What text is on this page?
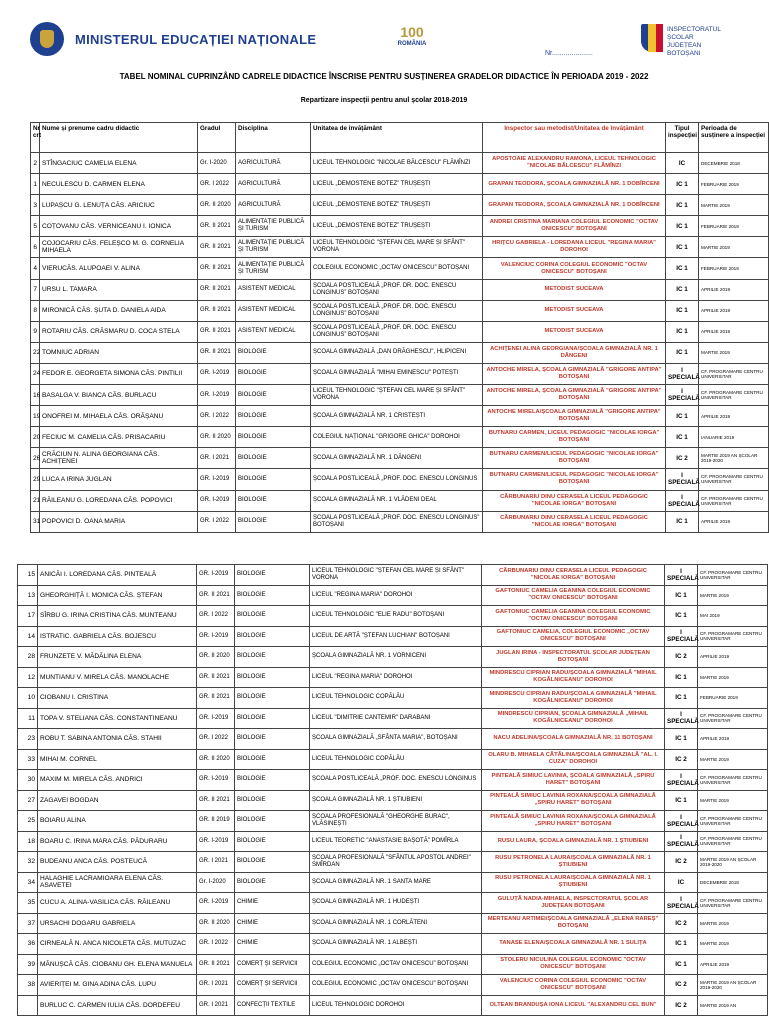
MINISTERUL EDUCAȚIEI NAȚIONALE	100
ROMÂNIA
Nr.....................
INSPECTORATUL
ȘCOLAR
JUDEȚEAN
BOTOȘANI
TABEL NOMINAL CUPRINZÂND CADRELE DIDACTICE ÎNSCRISE PENTRU SUSȚINEREA GRADELOR DIDACTICE ÎN PERIOADA 2019 - 2022
Repartizare inspecții pentru anul școlar 2018-2019
Nr crt	Nume și prenume cadru didactic	Gradul	Disciplina	Unitatea de învățământ	Inspector sau metodist/Unitatea de învățământ	Tipul inspecției	Perioada de susținere a inspecției
2	STÎNGACIUC CAMELIA ELENA	Gr. I-2020	AGRICULTURĂ	LICEUL TEHNOLOGIC "NICOLAE BĂLCESCU" FLĂMÎNZI	APOSTOAIE ALEXANDRU RAMONA, LICEUL TEHNOLOGIC "NICOLAE BĂLCESCU" FLĂMÎNZI	IC	DECEMBRIE 2018
1	NECULESCU D. CARMEN ELENA	GR. I 2022	AGRICULTURĂ	LICEUL „DEMOSTENE BOTEZ” TRUȘEȘTI	GRAPAN TEODORA, ȘCOALA GIMNAZIALĂ NR. 1 DOBÎRCENI	IC 1	FEBRUARIE 2019
3	LUPAȘCU G. LENUȚA CĂS. ARICIUC	GR. II 2020	AGRICULTURĂ	LICEUL „DEMOSTENE BOTEZ” TRUȘEȘTI	GRAPAN TEODORA, ȘCOALA GIMNAZIALĂ NR. 1 DOBÎRCENI	IC 1	MARTIE 2019
5	COȚOVANU CĂS. VERNICEANU I. IONICA	GR. II 2021	ALIMENTAȚIE PUBLICĂ ȘI TURISM	LICEUL „DEMOSTENE BOTEZ” TRUȘEȘTI	ANDREI CRISTINA MARIANA COLEGIUL ECONOMIC "OCTAV ONICESCU" BOTOȘANI	IC 1	FEBRUARIE 2019
6	COJOCARIU CĂS. FELEȘCO M. G. CORNELIA MIHAELA	GR. II 2021	ALIMENTAȚIE PUBLICĂ ȘI TURISM	LICEUL TEHNOLOGIC "ȘTEFAN CEL MARE ȘI SFÂNT" VORONA	HRIȚCU GABRIELA - LOREDANA LICEUL "REGINA MARIA" DOROHOI	IC 1	MARTIE 2019
4	VIERUCĂS. ALUPOAEI V. ALINA	GR. II 2021	ALIMENTAȚIE PUBLICĂ ȘI TURISM	COLEGIUL ECONOMIC „OCTAV ONICESCU” BOTOȘANI	VALENCIUC CORINA COLEGIUL ECONOMIC "OCTAV ONICESCU" BOTOȘANI	IC 1	FEBRUARIE 2019
7	URSU L. TAMARA	GR. II 2021	ASISTENT MEDICAL	ȘCOALA POSTLICEALĂ „PROF. DR. DOC. ENESCU LONGINUS” BOTOȘANI	METODIST SUCEAVA	IC 1	APRILIE 2019
8	MIRONICĂ CĂS. ȘUTA D. DANIELA AIDA	GR. II 2021	ASISTENT MEDICAL	ȘCOALA POSTLICEALĂ „PROF. DR. DOC. ENESCU LONGINUS” BOTOȘANI	METODIST SUCEAVA	IC 1	APRILIE 2019
9	ROTARIU CĂS. CRĂSMARU D. COCA STELA	GR. II 2021	ASISTENT MEDICAL	ȘCOALA POSTLICEALĂ „PROF. DR. DOC. ENESCU LONGINUS” BOTOȘANI	METODIST SUCEAVA	IC 1	APRILIE 2019
22	TOMNIUC ADRIAN	GR. II 2021	BIOLOGIE	ȘCOALA GIMNAZIALĂ „DAN DRĂGHESCU", HLIPICENI	ACHIȚENEI ALINA GEORGIANA/ȘCOALA GIMNAZIALĂ NR. 1 DĂNGENI	IC 1	MARTIE 2019
24	FEDOR E. GEORGETA SIMONA CĂS. PINTILII	GR. I-2019	BIOLOGIE	ȘCOALA GIMNAZIALĂ "MIHAI EMINESCU" POTEȘTI	ANTOCHE MIRELA, ȘCOALA GIMNAZIALĂ "GRIGORE ANTIPA" BOTOȘANI	I SPECIALĂ	CF. PROGRAMARE CENTRU UNIVERSITAR
16	BASALGA V. BIANCA CĂS. BURLACU	GR. I-2019	BIOLOGIE	LICEUL TEHNOLOGIC "ȘTEFAN CEL MARE ȘI SFÂNT" VORONA	ANTOCHE MIRELA, ȘCOALA GIMNAZIALĂ "GRIGORE ANTIPA" BOTOȘANI	I SPECIALĂ	CF. PROGRAMARE CENTRU UNIVERSITAR
19	ONOFREI M. MIHAELA CĂS. ORĂȘANU	GR. I 2022	BIOLOGIE	ȘCOALA GIMNAZIALĂ NR. 1 CRISTEȘTI	ANTOCHE MIRELA/ȘCOALA GIMNAZIALĂ "GRIGORE ANTIPA" BOTOȘANI	IC 1	APRILIE 2019
20	FECIUC M. CAMELIA CĂS. PRISACARIU	GR. II 2020	BIOLOGIE	COLEGIUL NAȚIONAL "GRIGORE GHICA" DOROHOI	BUTNARU CARMEN, LICEUL PEDAGOGIC "NICOLAE IORGA" BOTOȘANI	IC 1	IANUARIE 2019
26	CRĂCIUN N. ALINA GEORGIANA CĂS. ACHIȚENEI	GR. I 2021	BIOLOGIE	ȘCOALA GIMNAZIALĂ NR. 1 DĂNGENI	BUTNARU CARMEN/LICEUL PEDAGOGIC "NICOLAE IORGA" BOTOȘANI	IC 2	MARTIE 2019 AN ȘCOLAR 2019-2020
29	LUCA A IRINA JUGLAN	GR. I-2019	BIOLOGIE	ȘCOALA POSTLICEALĂ „PROF. DOC. ENESCU LONGINUS	BUTNARU CARMEN/LICEUL PEDAGOGIC "NICOLAE IORGA" BOTOȘANI	I SPECIALĂ	CF. PROGRAMARE CENTRU UNIVERSITAR
21	RĂILEANU G. LOREDANA CĂS. POPOVICI	GR. I-2019	BIOLOGIE	ȘCOALA GIMNAZIALĂ NR. 1 VLĂDENI DEAL	CĂRBUNARIU DINU CERASELA LICEUL PEDAGOGIC "NICOLAE IORGA" BOTOȘANI	I SPECIALĂ	CF. PROGRAMARE CENTRU UNIVERSITAR
31	POPOVICI D. OANA MARIA	GR. I 2022	BIOLOGIE	ȘCOALA POSTLICEALĂ „PROF. DOC. ENESCU LONGINUS” BOTOȘANI	CĂRBUNARIU DINU CERASELA LICEUL PEDAGOGIC "NICOLAE IORGA" BOTOȘANI	IC 1	APRILIE 2019
15	ANICĂI I. LOREDANA CĂS. PINTEALĂ	GR. I-2019	BIOLOGIE	LICEUL TEHNOLOGIC "ȘTEFAN CEL MARE ȘI SFÂNT" VORONA	CĂRBUNARIU DINU CERASELA LICEUL PEDAGOGIC "NICOLAE IORGA" BOTOȘANI	I SPECIALĂ	CF. PROGRAMARE CENTRU UNIVERSITAR
13	GHEORGHIȚĂ I. MONICA CĂS. ȘTEFAN	GR. II 2021	BIOLOGIE	LICEUL "REGINA MARIA" DOROHOI	GAFTONIUC CAMELIA GEANINA COLEGIUL ECONOMIC "OCTAV ONICESCU" BOTOȘANI	IC 1	MARTIE 2019
17	SÎRBU G. IRINA CRISTINA CĂS. MUNTEANU	GR. I 2022	BIOLOGIE	LICEUL TEHNOLOGIC "ELIE RADU" BOTOȘANI	GAFTONIUC CAMELIA GEANINA COLEGIUL ECONOMIC "OCTAV ONICESCU" BOTOȘANI	IC 1	MAI 2019
14	ISTRATIC. GABRIELA CĂS. BOJESCU	GR. I-2019	BIOLOGIE	LICEUL DE ARTĂ "ȘTEFAN LUCHIAN" BOTOȘANI	GAFTONIUC CAMELIA, COLEGIUL ECONOMIC „OCTAV ONICESCU" BOTOȘANI	I SPECIALĂ	CF. PROGRAMARE CENTRU UNIVERSITAR
28	FRUNZETE V. MĂDĂLINA ELENA	GR. II 2020	BIOLOGIE	ȘCOALA GIMNAZIALĂ NR. 1 VORNICENI	JUGLAN IRINA - INSPECTORATUL ȘCOLAR JUDEȚEAN BOTOȘANI	IC 2	APRILIE 2019
12	MUNTIANU V. MIRELA CĂS. MANOLACHE	GR. II 2021	BIOLOGIE	LICEUL "REGINA MARIA" DOROHOI	MINDRESCU CIPRIAN RADU/ȘCOALA GIMNAZIALĂ "MIHAIL KOGĂLNICEANU" DOROHOI	IC 1	MARTIE 2019
10	CIOBANU I. CRISTINA	GR. II 2021	BIOLOGIE	LICEUL TEHNOLOGIC COPĂLĂU	MINDRESCU CIPRIAN RADU/ȘCOALA GIMNAZIALĂ "MIHAIL KOGĂLNICEANU" DOROHOI	IC 1	FEBRUARIE 2019
11	TOPA V. STELIANA CĂS. CONSTANTINEANU	GR. I-2019	BIOLOGIE	LICEUL "DIMITRIE CANTEMIR" DARABANI	MINDRESCU CIPRIAN, ȘCOALA GIMNAZIALĂ „MIHAIL KOGĂLNICEANU" DOROHOI	I SPECIALĂ	CF. PROGRAMARE CENTRU UNIVERSITAR
23	ROBU T. SABINA ANTONIA CĂS. STAHII	GR. I 2022	BIOLOGIE	ȘCOALA GIMNAZIALĂ „SFÂNTA MARIA", BOTOȘANI	NACU ADELINA/ȘCOALA GIMNAZIALĂ NR. 11 BOTOȘANI	IC 1	APRILIE 2019
33	MIHAI M. CORNEL	GR. II 2020	BIOLOGIE	LICEUL TEHNOLOGIC COPĂLĂU	OLARU B. MIHAELA CĂTĂLINA/ȘCOALA GIMNAZIALĂ "AL. I. CUZA" DOROHOI	IC 2	MARTIE 2019
30	MAXIM M. MIRELA CĂS. ANDRICI	GR. I-2019	BIOLOGIE	ȘCOALA POSTLICEALĂ „PROF. DOC. ENESCU LONGINUS	PINTEALĂ SIMIUC LAVINIA, ȘCOALA GIMNAZIALĂ „SPIRU HARET" BOTOȘANI	I SPECIALĂ	CF. PROGRAMARE CENTRU UNIVERSITAR
27	ZAGAVEI BOGDAN	GR. II 2021	BIOLOGIE	ȘCOALA GIMNAZIALĂ NR. 1 ȘTIUBIENI	PINTEALĂ SIMIUC LAVINIA ROXANA/ȘCOALA GIMNAZIALĂ „SPIRU HARET" BOTOȘANI	IC 1	MARTIE 2019
25	BOIARU ALINA	GR. II 2019	BIOLOGIE	ȘCOALA PROFESIONALĂ "GHEORGHE BURAC", VLĂSINEȘTI	PINTEALĂ SIMIUC LAVINIA ROXANA/ȘCOALA GIMNAZIALĂ „SPIRU HARET" BOTOȘANI	I SPECIALĂ	CF. PROGRAMARE CENTRU UNIVERSITAR
18	BOARU C. IRINA MARA CĂS. PĂDURARU	GR. I-2019	BIOLOGIE	LICEUL TEORETIC "ANASTASIE BAȘOTĂ" POMÎRLA	RUSU LAURA, ȘCOALA GIMNAZIALĂ NR. 1 ȘTIUBIENI	I SPECIALĂ	CF. PROGRAMARE CENTRU UNIVERSITAR
32	BUDEANU ANCA CĂS. POSTEUCĂ	GR. I 2021	BIOLOGIE	ȘCOALA PROFESIONALĂ "SFÂNTUL APOSTOL ANDREI" SMÎRDAN	RUSU PETRONELA LAURA/ȘCOALA GIMNAZIALĂ NR. 1 ȘTIUBIENI	IC 2	MARTIE 2019 AN ȘCOLAR 2019-2020
34	HALAGHIE LACRAMIOARA ELENA CĂS. ASAVETEI	Gr. I-2020	BIOLOGIE	ȘCOALA GIMNAZIALĂ NR. 1 SANTA MARE	RUSU PETRONELA LAURA/ȘCOALA GIMNAZIALĂ NR. 1 ȘTIUBIENI	IC	DECEMBRIE 2018
35	CUCU A. ALINA-VASILICA CĂS. RĂILEANU	GR. I-2019	CHIMIE	ȘCOALA GIMNAZIALĂ NR. 1 HUDEȘTI	GULUȚĂ NADIA-MIHAELA, INSPECTORATUL ȘCOLAR JUDEȚEAN BOTOȘANI	I SPECIALĂ	CF. PROGRAMARE CENTRU UNIVERSITAR
37	URSACHI DOGARU GABRIELA	GR. II 2020	CHIMIE	ȘCOALA GIMNAZIALĂ NR. 1 CORLĂTENI	MERTEANU ARTIMEI/ȘCOALA GIMNAZIALĂ „ELENA RAREȘ" BOTOȘANI	IC 2	MARTIE 2019
36	CIRNEALĂ N. ANCA NICOLETA CĂS. MUTUZAC	GR. I 2022	CHIMIE	ȘCOALA GIMNAZIALĂ NR. 1 ALBEȘTI	TANASE ELENA/ȘCOALA GIMNAZIALĂ NR. 1 SULIȚA	IC 1	MARTIE 2019
39	MĂNUȘCĂ CĂS. CIOBANU GH. ELENA MANUELA	GR. II 2021	COMERȚ ȘI SERVICII	COLEGIUL ECONOMIC „OCTAV ONICESCU” BOTOȘANI	STOLERU NICULINA COLEGIUL ECONOMIC "OCTAV ONICESCU" BOTOȘANI	IC 1	APRILIE 2019
38	AVIERIȚEI M. GINA ADINA CĂS. LUPU	GR. I 2021	COMERȚ ȘI SERVICII	COLEGIUL ECONOMIC „OCTAV ONICESCU” BOTOȘANI	VALENCIUC CORINA COLEGIUL ECONOMIC "OCTAV ONICESCU" BOTOȘANI	IC 2	MARTIE 2019 AN ȘCOLAR 2019-2020
	BURLUC C. CARMEN IULIA CĂS. DORDEFEU	GR. I 2021	CONFECȚII TEXTILE	LICEUL TEHNOLOGIC DOROHOI	OLTEAN BRANDUȘA IONA LICEUL "ALEXANDRU CEL BUN"	IC 2	MARTIE 2019 AN
